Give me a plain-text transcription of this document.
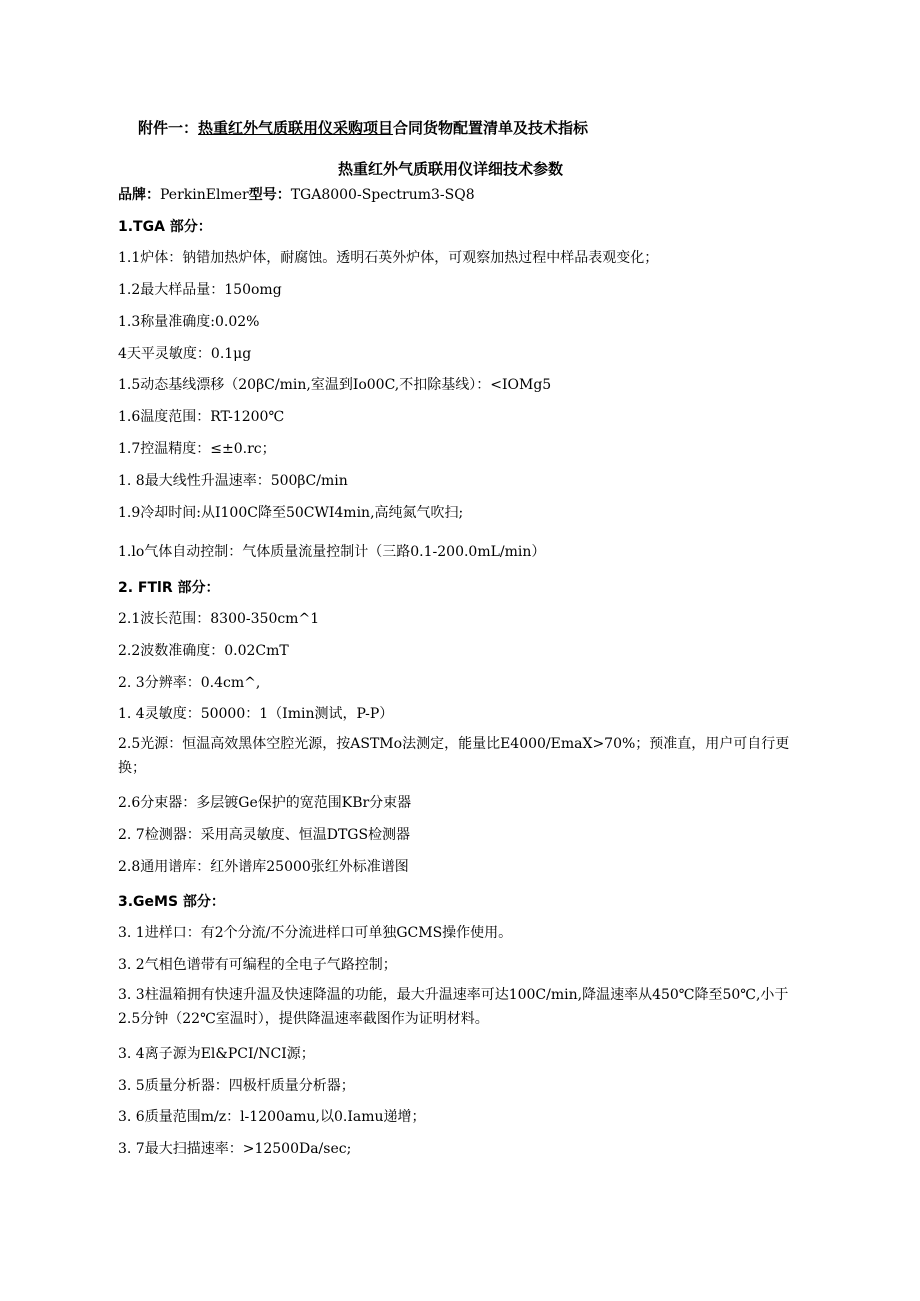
附件一：热重红外气质联用仪采购项目合同货物配置清单及技术指标
热重红外气质联用仪详细技术参数
品牌：PerkinElmer型号：TGA8000-Spectrum3-SQ8
1.TGA 部分：
1.1炉体：钠错加热炉体，耐腐蚀。透明石英外炉体，可观察加热过程中样品表观变化；
1.2最大样品量：150omg
1.3称量准确度:0.02%
4天平灵敏度：0.1μg
1.5动态基线漂移（20βC/min,室温到Io00C,不扣除基线）：<IOMg5
1.6温度范围：RT-1200℃
1.7控温精度：≤±0.rc；
1. 8最大线性升温速率：500βC/min
1.9冷却时间:从I100C降至50CWI4min,高纯氮气吹扫;
1.lo气体自动控制：气体质量流量控制计（三路0.1-200.0mL/min）
2. FTlR 部分：
2.1波长范围：8300-350cm^1
2.2波数准确度：0.02CmT
2. 3分辨率：0.4cm^,
1. 4灵敏度：50000：1（Imin测试，P-P）
2.5光源：恒温高效黑体空腔光源，按ASTMo法测定，能量比E4000/EmaX>70%；预准直，用户可自行更换；
2.6分束器：多层镀Ge保护的宽范围KBr分束器
2. 7检测器：采用高灵敏度、恒温DTGS检测器
2.8通用谱库：红外谱库25000张红外标准谱图
3.GeMS 部分：
3. 1进样口：有2个分流/不分流进样口可单独GCMS操作使用。
3. 2气相色谱带有可编程的全电子气路控制；
3. 3柱温箱拥有快速升温及快速降温的功能，最大升温速率可达100C/min,降温速率从450℃降至50℃,小于2.5分钟（22℃室温时），提供降温速率截图作为证明材料。
3. 4离子源为El&PCI/NCI源；
3. 5质量分析器：四极杆质量分析器；
3. 6质量范围m/z：l-1200amu,以0.Iamu递增；
3. 7最大扫描速率：>12500Da/sec;
